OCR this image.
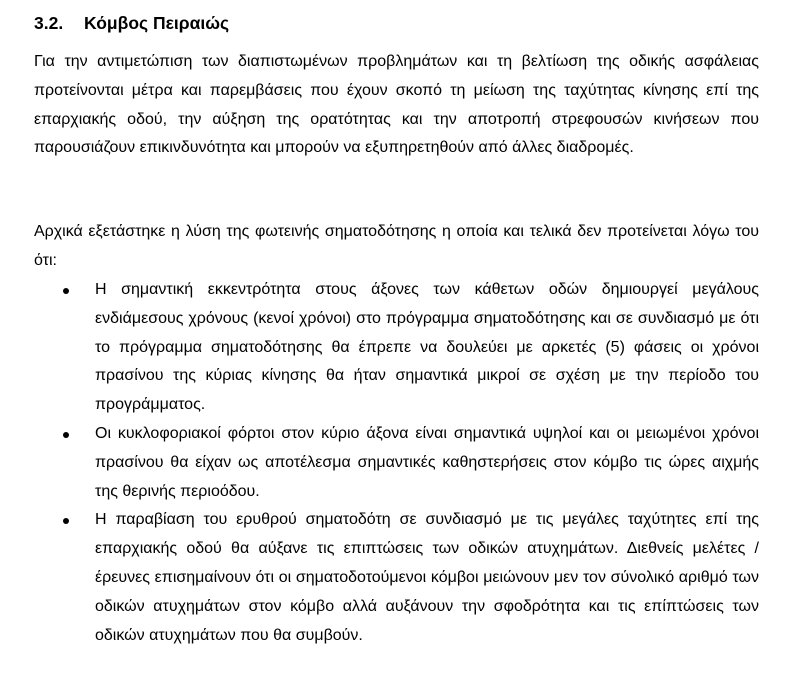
3.2. Κόμβος Πειραιώς
Για την αντιμετώπιση των διαπιστωμένων προβλημάτων και τη βελτίωση της οδικής ασφάλειας προτείνονται μέτρα και παρεμβάσεις που έχουν σκοπό τη μείωση της ταχύτητας κίνησης επί της επαρχιακής οδού, την αύξηση της ορατότητας και την αποτροπή στρεφουσών κινήσεων που παρουσιάζουν επικινδυνότητα και μπορούν να εξυπηρετηθούν από άλλες διαδρομές.
Αρχικά εξετάστηκε η λύση της φωτεινής σηματοδότησης η οποία και τελικά δεν προτείνεται λόγω του ότι:
Η σημαντική εκκεντρότητα στους άξονες των κάθετων οδών δημιουργεί μεγάλους ενδιάμεσους χρόνους (κενοί χρόνοι) στο πρόγραμμα σηματοδότησης και σε συνδιασμό με ότι το πρόγραμμα σηματοδότησης θα έπρεπε να δουλεύει με αρκετές (5) φάσεις οι χρόνοι πρασίνου της κύριας κίνησης θα ήταν σημαντικά μικροί σε σχέση με την περίοδο του προγράμματος.
Οι κυκλοφοριακοί φόρτοι στον κύριο άξονα είναι σημαντικά υψηλοί και οι μειωμένοι χρόνοι πρασίνου θα είχαν ως αποτέλεσμα σημαντικές καθηστερήσεις στον κόμβο τις ώρες αιχμής της θερινής περιοόδου.
Η παραβίαση του ερυθρού σηματοδότη σε συνδιασμό με τις μεγάλες ταχύτητες επί της επαρχιακής οδού θα αύξανε τις επιπτώσεις των οδικών ατυχημάτων. Διεθνείς μελέτες / έρευνες επισημαίνουν ότι οι σηματοδοτούμενοι κόμβοι μειώνουν μεν τον σύνολικό αριθμό των οδικών ατυχημάτων στον κόμβο αλλά αυξάνουν την σφοδρότητα και τις επίπτώσεις των οδικών ατυχημάτων που θα συμβούν.
